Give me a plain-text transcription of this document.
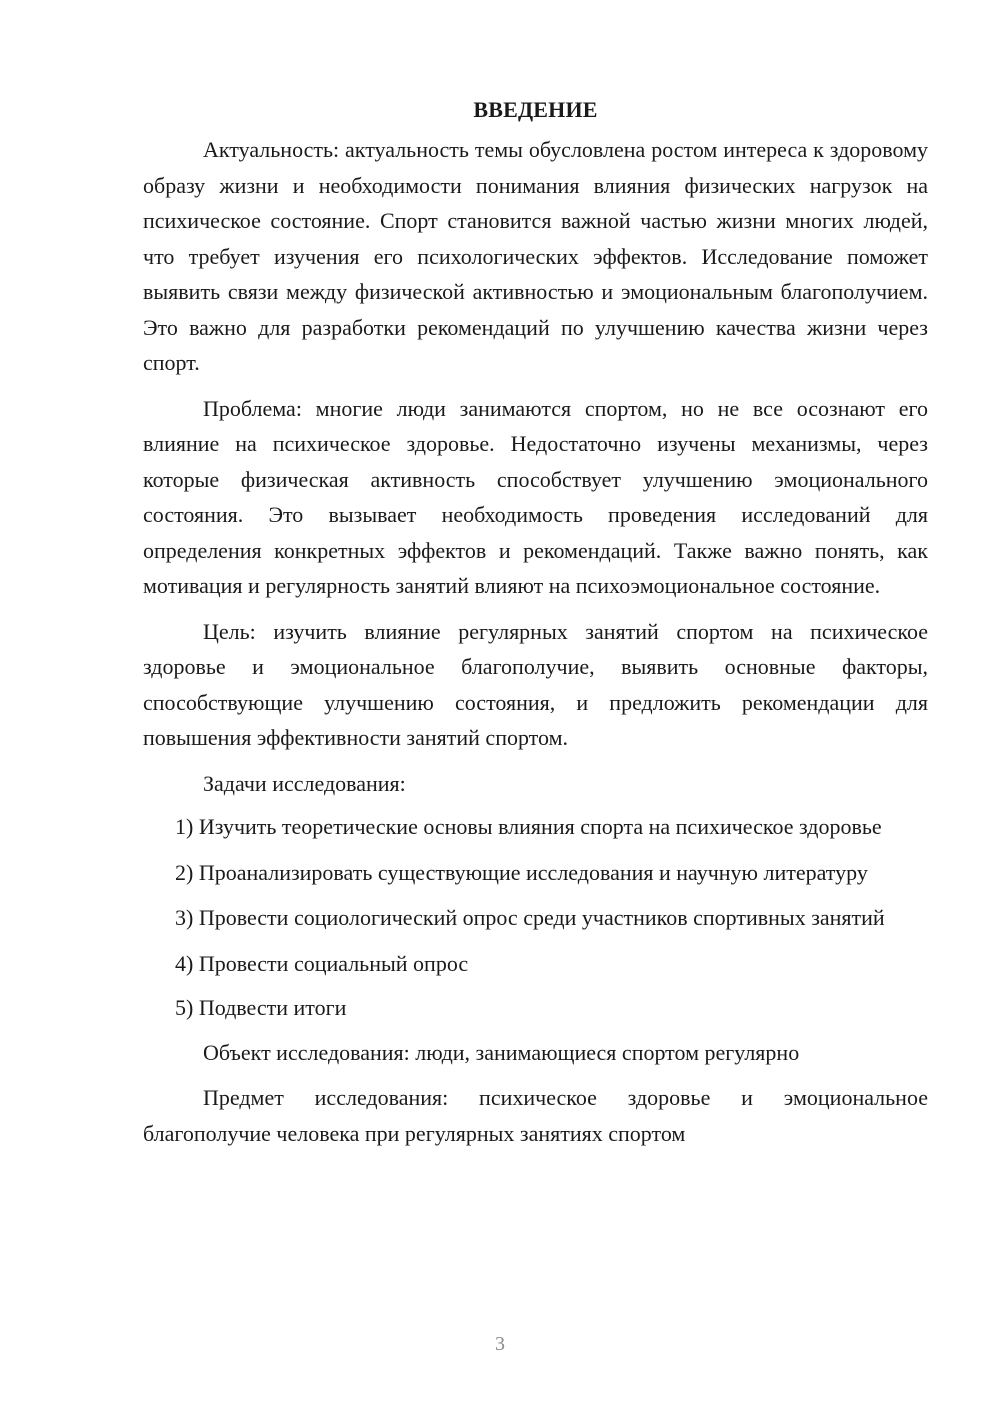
ВВЕДЕНИЕ

Актуальность: актуальность темы обусловлена ростом интереса к здоровому образу жизни и необходимости понимания влияния физических нагрузок на психическое состояние. Спорт становится важной частью жизни многих людей, что требует изучения его психологических эффектов. Исследование поможет выявить связи между физической активностью и эмоциональным благополучием. Это важно для разработки рекомендаций по улучшению качества жизни через спорт.

Проблема: многие люди занимаются спортом, но не все осознают его влияние на психическое здоровье. Недостаточно изучены механизмы, через которые физическая активность способствует улучшению эмоционального состояния. Это вызывает необходимость проведения исследований для определения конкретных эффектов и рекомендаций. Также важно понять, как мотивация и регулярность занятий влияют на психоэмоциональное состояние.

Цель: изучить влияние регулярных занятий спортом на психическое здоровье и эмоциональное благополучие, выявить основные факторы, способствующие улучшению состояния, и предложить рекомендации для повышения эффективности занятий спортом.

Задачи исследования:

1) Изучить теоретические основы влияния спорта на психическое здоровье

2) Проанализировать существующие исследования и научную литературу

3) Провести социологический опрос среди участников спортивных занятий

4) Провести социальный опрос

5) Подвести итоги

Объект исследования: люди, занимающиеся спортом регулярно

Предмет исследования: психическое здоровье и эмоциональное благополучие человека при регулярных занятиях спортом

3
